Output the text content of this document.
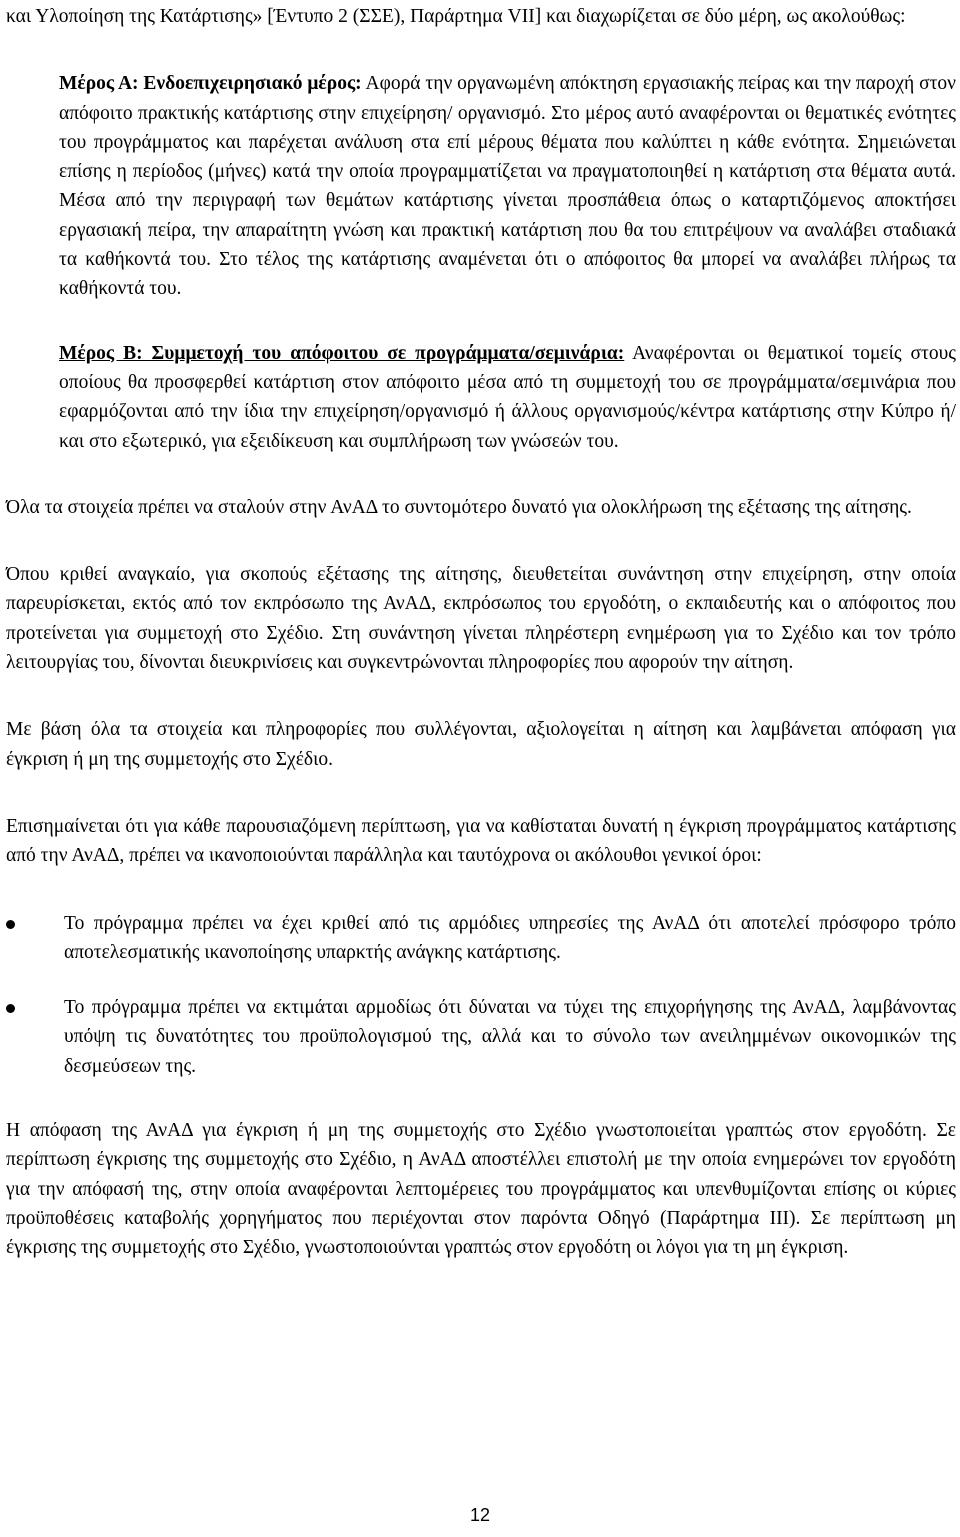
και Υλοποίηση της Κατάρτισης» [Έντυπο 2 (ΣΣΕ), Παράρτημα VII] και διαχωρίζεται σε δύο μέρη, ως ακολούθως:

Μέρος Α: Ενδοεπιχειρησιακό μέρος: Αφορά την οργανωμένη απόκτηση εργασιακής πείρας και την παροχή στον απόφοιτο πρακτικής κατάρτισης στην επιχείρηση/ οργανισμό. Στο μέρος αυτό αναφέρονται οι θεματικές ενότητες του προγράμματος και παρέχεται ανάλυση στα επί μέρους θέματα που καλύπτει η κάθε ενότητα. Σημειώνεται επίσης η περίοδος (μήνες) κατά την οποία προγραμματίζεται να πραγματοποιηθεί η κατάρτιση στα θέματα αυτά. Μέσα από την περιγραφή των θεμάτων κατάρτισης γίνεται προσπάθεια όπως ο καταρτιζόμενος αποκτήσει εργασιακή πείρα, την απαραίτητη γνώση και πρακτική κατάρτιση που θα του επιτρέψουν να αναλάβει σταδιακά τα καθήκοντά του. Στο τέλος της κατάρτισης αναμένεται ότι ο απόφοιτος θα μπορεί να αναλάβει πλήρως τα καθήκοντά του.

Μέρος Β: Συμμετοχή του απόφοιτου σε προγράμματα/σεμινάρια: Αναφέρονται οι θεματικοί τομείς στους οποίους θα προσφερθεί κατάρτιση στον απόφοιτο μέσα από τη συμμετοχή του σε προγράμματα/σεμινάρια που εφαρμόζονται από την ίδια την επιχείρηση/οργανισμό ή άλλους οργανισμούς/κέντρα κατάρτισης στην Κύπρο ή/και στο εξωτερικό, για εξειδίκευση και συμπλήρωση των γνώσεών του.

Όλα τα στοιχεία πρέπει να σταλούν στην ΑνΑΔ το συντομότερο δυνατό για ολοκλήρωση της εξέτασης της αίτησης.

Όπου κριθεί αναγκαίο, για σκοπούς εξέτασης της αίτησης, διευθετείται συνάντηση στην επιχείρηση, στην οποία παρευρίσκεται, εκτός από τον εκπρόσωπο της ΑνΑΔ, εκπρόσωπος του εργοδότη, ο εκπαιδευτής και ο απόφοιτος που προτείνεται για συμμετοχή στο Σχέδιο. Στη συνάντηση γίνεται πληρέστερη ενημέρωση για το Σχέδιο και τον τρόπο λειτουργίας του, δίνονται διευκρινίσεις και συγκεντρώνονται πληροφορίες που αφορούν την αίτηση.

Με βάση όλα τα στοιχεία και πληροφορίες που συλλέγονται, αξιολογείται η αίτηση και λαμβάνεται απόφαση για έγκριση ή μη της συμμετοχής στο Σχέδιο.

Επισημαίνεται ότι για κάθε παρουσιαζόμενη περίπτωση, για να καθίσταται δυνατή η έγκριση προγράμματος κατάρτισης από την ΑνΑΔ, πρέπει να ικανοποιούνται παράλληλα και ταυτόχρονα οι ακόλουθοι γενικοί όροι:

Το πρόγραμμα πρέπει να έχει κριθεί από τις αρμόδιες υπηρεσίες της ΑνΑΔ ότι αποτελεί πρόσφορο τρόπο αποτελεσματικής ικανοποίησης υπαρκτής ανάγκης κατάρτισης.
Το πρόγραμμα πρέπει να εκτιμάται αρμοδίως ότι δύναται να τύχει της επιχορήγησης της ΑνΑΔ, λαμβάνοντας υπόψη τις δυνατότητες του προϋπολογισμού της, αλλά και το σύνολο των ανειλημμένων οικονομικών της δεσμεύσεων της.

Η απόφαση της ΑνΑΔ για έγκριση ή μη της συμμετοχής στο Σχέδιο γνωστοποιείται γραπτώς στον εργοδότη. Σε περίπτωση έγκρισης της συμμετοχής στο Σχέδιο, η ΑνΑΔ αποστέλλει επιστολή με την οποία ενημερώνει τον εργοδότη για την απόφασή της, στην οποία αναφέρονται λεπτομέρειες του προγράμματος και υπενθυμίζονται επίσης οι κύριες προϋποθέσεις καταβολής χορηγήματος που περιέχονται στον παρόντα Οδηγό (Παράρτημα ΙΙΙ). Σε περίπτωση μη έγκρισης της συμμετοχής στο Σχέδιο, γνωστοποιούνται γραπτώς στον εργοδότη οι λόγοι για τη μη έγκριση.

12
